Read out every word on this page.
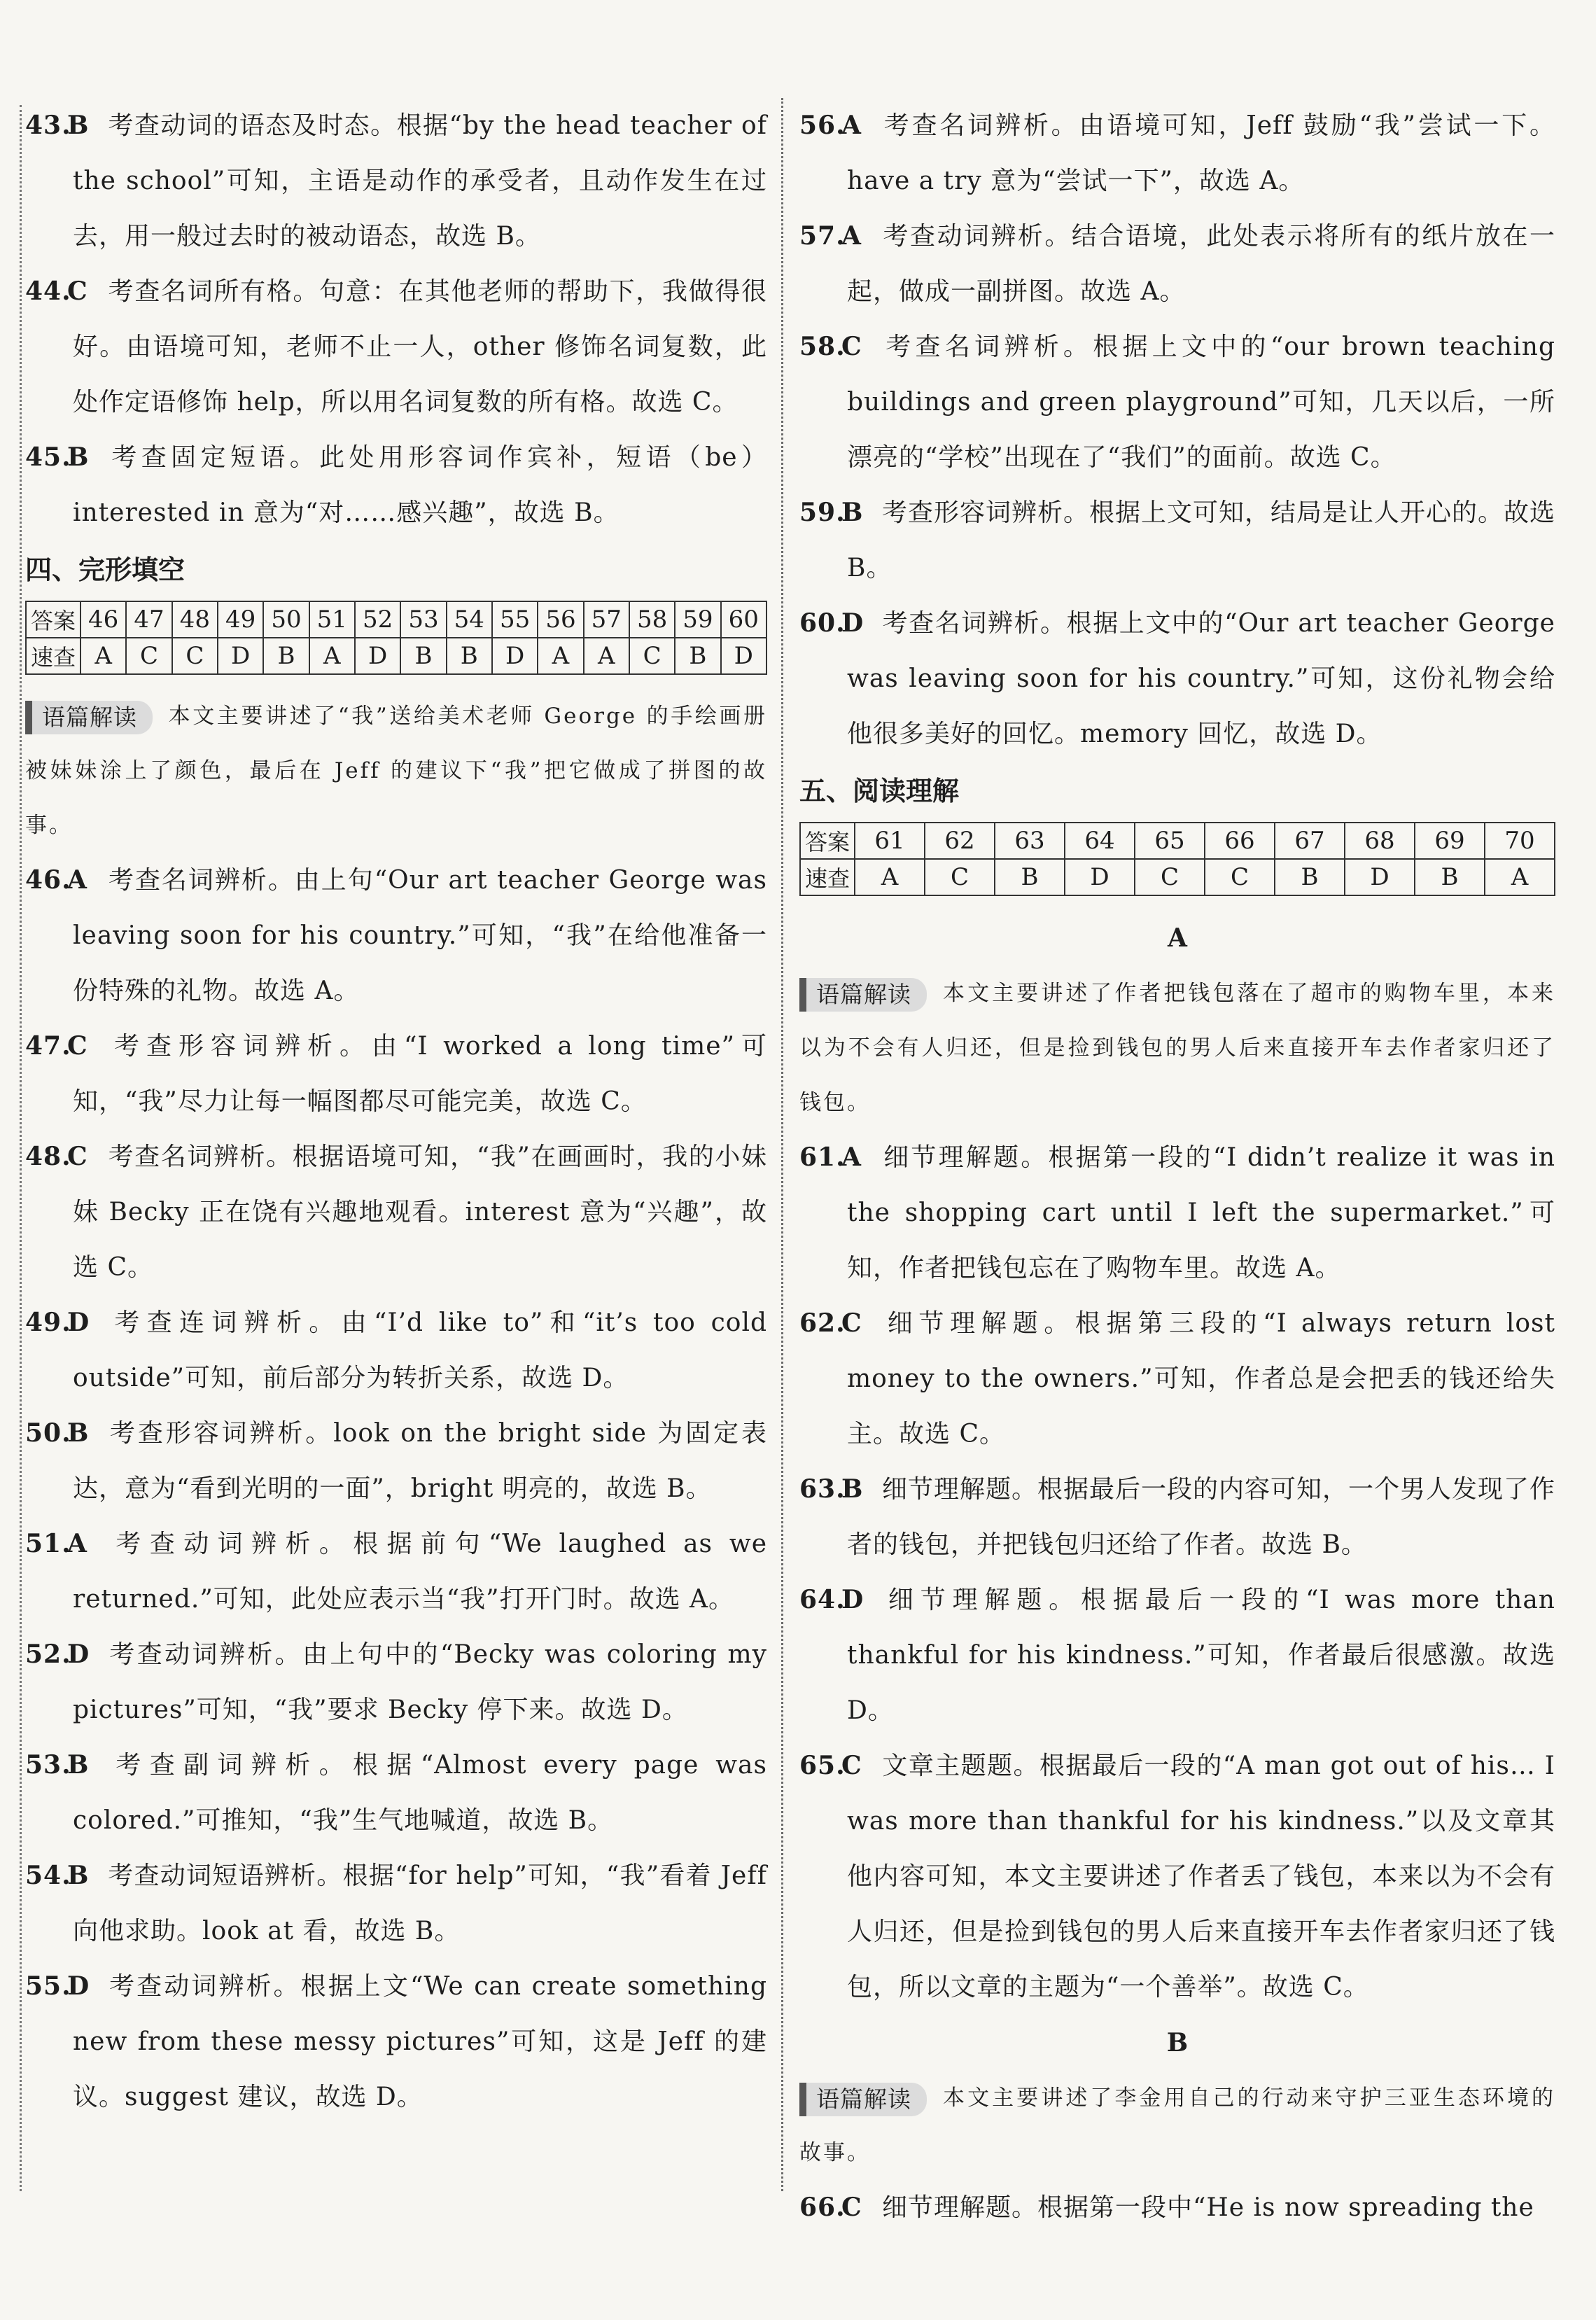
43.B 考查动词的语态及时态。根据“by the head teacher of the school”可知，主语是动作的承受者，且动作发生在过去，用一般过去时的被动语态，故选 B。
44.C 考查名词所有格。句意：在其他老师的帮助下，我做得很好。由语境可知，老师不止一人，other 修饰名词复数，此处作定语修饰 help，所以用名词复数的所有格。故选 C。
45.B 考查固定短语。此处用形容词作宾补，短语（be）interested in 意为“对……感兴趣”，故选 B。
四、完形填空
答案	46	47	48	49	50	51	52	53	54	55	56	57	58	59	60
速查	A	C	C	D	B	A	D	B	B	D	A	A	C	B	D
语篇解读 本文主要讲述了“我”送给美术老师 George 的手绘画册被妹妹涂上了颜色，最后在 Jeff 的建议下“我”把它做成了拼图的故事。
46.A 考查名词辨析。由上句“Our art teacher George was leaving soon for his country.”可知，“我”在给他准备一份特殊的礼物。故选 A。
47.C 考查形容词辨析。由“I worked a long time”可知，“我”尽力让每一幅图都尽可能完美，故选 C。
48.C 考查名词辨析。根据语境可知，“我”在画画时，我的小妹妹 Becky 正在饶有兴趣地观看。interest 意为“兴趣”，故选 C。
49.D 考查连词辨析。由“I’d like to”和“it’s too cold outside”可知，前后部分为转折关系，故选 D。
50.B 考查形容词辨析。look on the bright side 为固定表达，意为“看到光明的一面”，bright 明亮的，故选 B。
51.A 考查动词辨析。根据前句“We laughed as we returned.”可知，此处应表示当“我”打开门时。故选 A。
52.D 考查动词辨析。由上句中的“Becky was coloring my pictures”可知，“我”要求 Becky 停下来。故选 D。
53.B 考查副词辨析。根据“Almost every page was colored.”可推知，“我”生气地喊道，故选 B。
54.B 考查动词短语辨析。根据“for help”可知，“我”看着 Jeff 向他求助。look at 看，故选 B。
55.D 考查动词辨析。根据上文“We can create something new from these messy pictures”可知，这是 Jeff 的建议。suggest 建议，故选 D。
56.A 考查名词辨析。由语境可知，Jeff 鼓励“我”尝试一下。have a try 意为“尝试一下”，故选 A。
57.A 考查动词辨析。结合语境，此处表示将所有的纸片放在一起，做成一副拼图。故选 A。
58.C 考查名词辨析。根据上文中的“our brown teaching buildings and green playground”可知，几天以后，一所漂亮的“学校”出现在了“我们”的面前。故选 C。
59.B 考查形容词辨析。根据上文可知，结局是让人开心的。故选 B。
60.D 考查名词辨析。根据上文中的“Our art teacher George was leaving soon for his country.”可知，这份礼物会给他很多美好的回忆。memory 回忆，故选 D。
五、阅读理解
答案	61	62	63	64	65	66	67	68	69	70
速查	A	C	B	D	C	C	B	D	B	A
A
语篇解读 本文主要讲述了作者把钱包落在了超市的购物车里，本来以为不会有人归还，但是捡到钱包的男人后来直接开车去作者家归还了钱包。
61.A 细节理解题。根据第一段的“I didn’t realize it was in the shopping cart until I left the supermarket.”可知，作者把钱包忘在了购物车里。故选 A。
62.C 细节理解题。根据第三段的“I always return lost money to the owners.”可知，作者总是会把丢的钱还给失主。故选 C。
63.B 细节理解题。根据最后一段的内容可知，一个男人发现了作者的钱包，并把钱包归还给了作者。故选 B。
64.D 细节理解题。根据最后一段的“I was more than thankful for his kindness.”可知，作者最后很感激。故选 D。
65.C 文章主题题。根据最后一段的“A man got out of his… I was more than thankful for his kindness.”以及文章其他内容可知，本文主要讲述了作者丢了钱包，本来以为不会有人归还，但是捡到钱包的男人后来直接开车去作者家归还了钱包，所以文章的主题为“一个善举”。故选 C。
B
语篇解读 本文主要讲述了李金用自己的行动来守护三亚生态环境的故事。
66.C 细节理解题。根据第一段中“He is now spreading the
